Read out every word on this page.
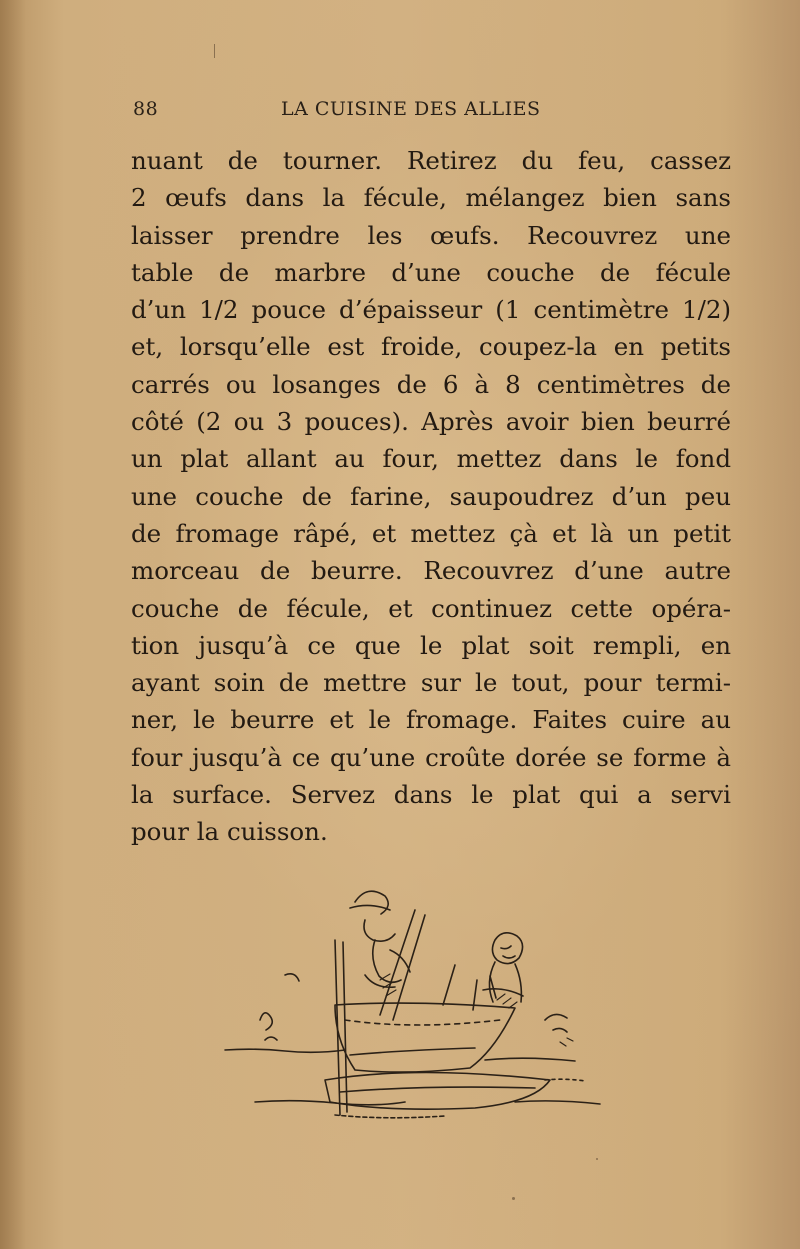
88	LA CUISINE DES ALLIES
nuant de tourner. Retirez du feu, cassez
2 œufs dans la fécule, mélangez bien sans
laisser prendre les œufs. Recouvrez une
table de marbre d’une couche de fécule
d’un 1/2 pouce d’épaisseur (1 centimètre 1/2)
et, lorsqu’elle est froide, coupez-la en petits
carrés ou losanges de 6 à 8 centimètres de
côté (2 ou 3 pouces). Après avoir bien beurré
un plat allant au four, mettez dans le fond
une couche de farine, saupoudrez d’un peu
de fromage râpé, et mettez çà et là un petit
morceau de beurre. Recouvrez d’une autre
couche de fécule, et continuez cette opéra-
tion jusqu’à ce que le plat soit rempli, en
ayant soin de mettre sur le tout, pour termi-
ner, le beurre et le fromage. Faites cuire au
four jusqu’à ce qu’une croûte dorée se forme à
la surface. Servez dans le plat qui a servi
pour la cuisson.
